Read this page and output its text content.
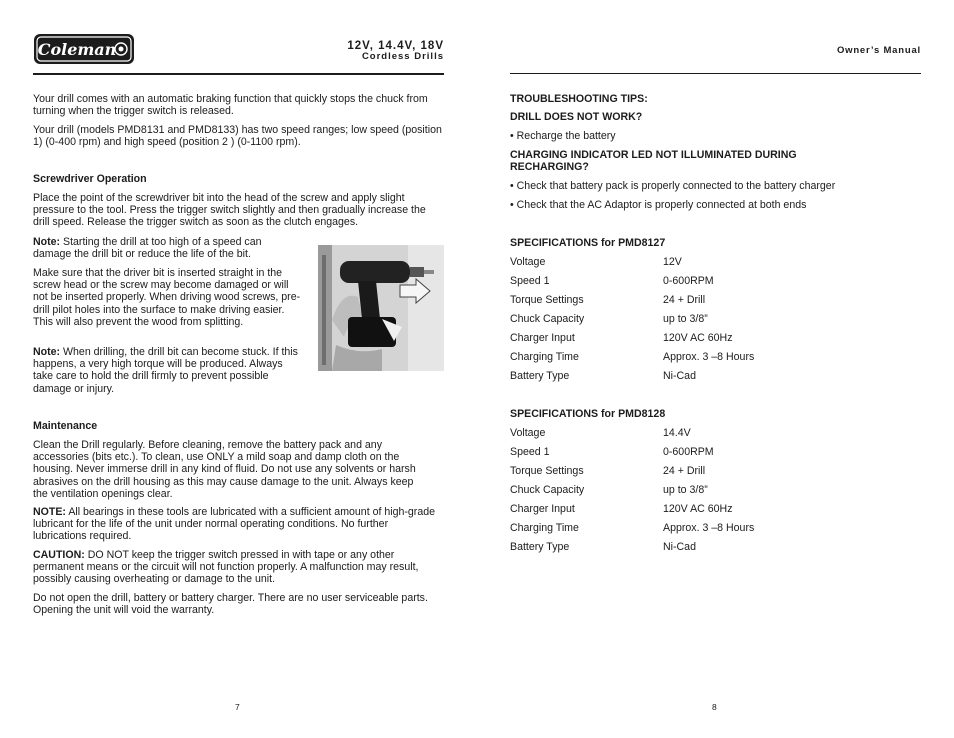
Coleman	12V, 14.4V, 18V
Cordless Drills
Owner’s Manual
Your drill comes with an automatic braking function that quickly stops the chuck from turning when the trigger switch is released.
Your drill (models PMD8131 and PMD8133) has two speed ranges; low speed (position 1) (0-400 rpm) and high speed (position 2 ) (0-1100 rpm).
Screwdriver Operation
Place the point of the screwdriver bit into the head of the screw and apply slight pressure to the tool. Press the trigger switch slightly and then gradually increase the drill speed. Release the trigger switch as soon as the clutch engages.
Note: Starting the drill at too high of a speed can damage the drill bit or reduce the life of the bit.
Make sure that the driver bit is inserted straight in the screw head or the screw may become damaged or will not be inserted properly. When driving wood screws, pre-drill pilot holes into the surface to make driving easier. This will also prevent the wood from splitting.
Note: When drilling, the drill bit can become stuck. If this happens, a very high torque will be produced. Always take care to hold the drill firmly to prevent possible damage or injury.
Maintenance
Clean the Drill regularly. Before cleaning, remove the battery pack and any accessories (bits etc.). To clean, use ONLY a mild soap and damp cloth on the housing. Never immerse drill in any kind of fluid. Do not use any solvents or harsh abrasives on the drill housing as this may cause damage to the unit. Always keep the ventilation openings clear.
NOTE: All bearings in these tools are lubricated with a sufficient amount of high-grade lubricant for the life of the unit under normal operating conditions. No further lubrications required.
CAUTION: DO NOT keep the trigger switch pressed in with tape or any other permanent means or the circuit will not function properly. A malfunction may result, possibly causing overheating or damage to the unit.
Do not open the drill, battery or battery charger. There are no user serviceable parts. Opening the unit will void the warranty.
7
TROUBLESHOOTING TIPS:
DRILL DOES NOT WORK?
• Recharge the battery
CHARGING INDICATOR LED NOT ILLUMINATED DURING RECHARGING?
• Check that battery pack is properly connected to the battery charger
• Check that the AC Adaptor is properly connected at both ends
SPECIFICATIONS for PMD8127
Voltage	12V
Speed 1	0-600RPM
Torque Settings	24 + Drill
Chuck Capacity	up to 3/8”
Charger Input	120V AC 60Hz
Charging Time	Approx. 3 –8 Hours
Battery Type	Ni-Cad
SPECIFICATIONS for PMD8128
Voltage	14.4V
Speed 1	0-600RPM
Torque Settings	24 + Drill
Chuck Capacity	up to 3/8”
Charger Input	120V AC 60Hz
Charging Time	Approx. 3 –8 Hours
Battery Type	Ni-Cad
8
